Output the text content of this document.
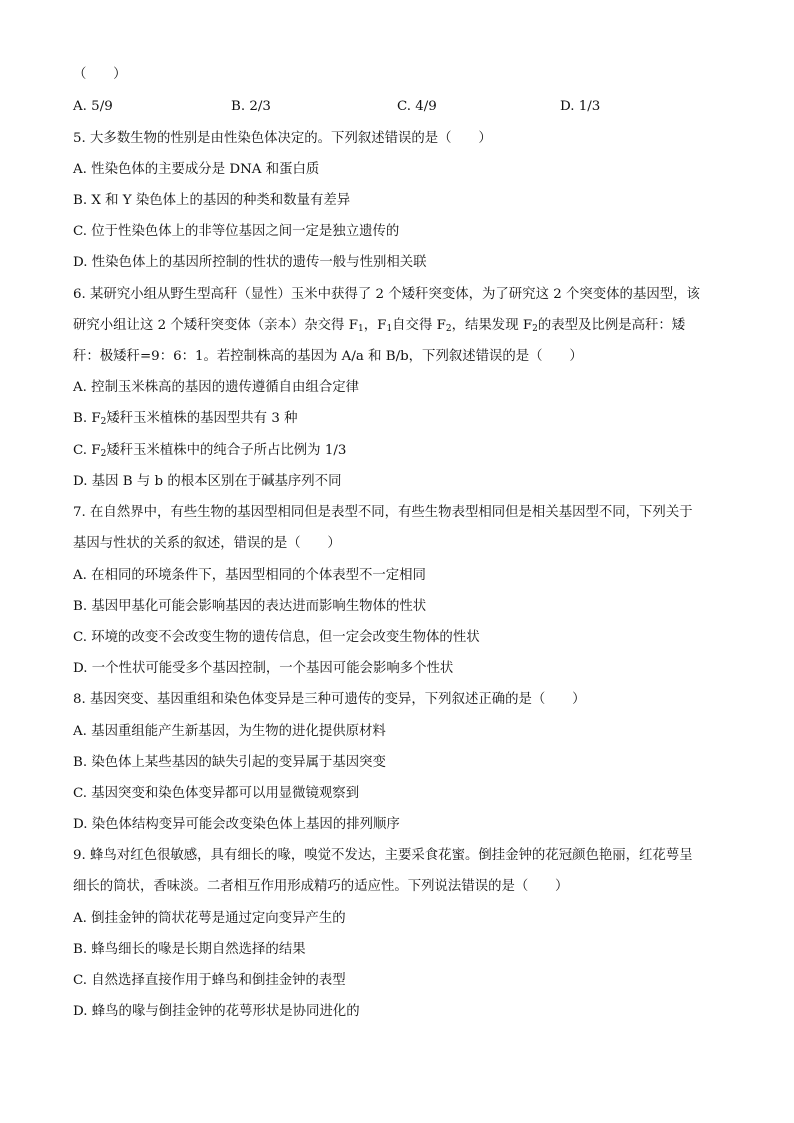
（　　）
A. 5/9	B. 2/3	C. 4/9	D. 1/3
5. 大多数生物的性别是由性染色体决定的。下列叙述错误的是（　　）
A. 性染色体的主要成分是 DNA 和蛋白质
B. X 和 Y 染色体上的基因的种类和数量有差异
C. 位于性染色体上的非等位基因之间一定是独立遗传的
D. 性染色体上的基因所控制的性状的遗传一般与性别相关联
6. 某研究小组从野生型高秆（显性）玉米中获得了 2 个矮秆突变体，为了研究这 2 个突变体的基因型，该
研究小组让这 2 个矮秆突变体（亲本）杂交得 $F_1$，$F_1$自交得 $F_2$，结果发现 $F_2$的表型及比例是高秆：矮
秆：极矮秆=9：6：1。若控制株高的基因为 A/a 和 B/b，下列叙述错误的是（　　）
A. 控制玉米株高的基因的遗传遵循自由组合定律
B. $F_2$矮秆玉米植株的基因型共有 3 种
C. $F_2$矮秆玉米植株中的纯合子所占比例为 1/3
D. 基因 B 与 b 的根本区别在于碱基序列不同
7. 在自然界中，有些生物的基因型相同但是表型不同，有些生物表型相同但是相关基因型不同，下列关于
基因与性状的关系的叙述，错误的是（　　）
A. 在相同的环境条件下，基因型相同的个体表型不一定相同
B. 基因甲基化可能会影响基因的表达进而影响生物体的性状
C. 环境的改变不会改变生物的遗传信息，但一定会改变生物体的性状
D. 一个性状可能受多个基因控制，一个基因可能会影响多个性状
8. 基因突变、基因重组和染色体变异是三种可遗传的变异，下列叙述正确的是（　　）
A. 基因重组能产生新基因，为生物的进化提供原材料
B. 染色体上某些基因的缺失引起的变异属于基因突变
C. 基因突变和染色体变异都可以用显微镜观察到
D. 染色体结构变异可能会改变染色体上基因的排列顺序
9. 蜂鸟对红色很敏感，具有细长的喙，嗅觉不发达，主要采食花蜜。倒挂金钟的花冠颜色艳丽，红花萼呈
细长的筒状，香味淡。二者相互作用形成精巧的适应性。下列说法错误的是（　　）
A. 倒挂金钟的筒状花萼是通过定向变异产生的
B. 蜂鸟细长的喙是长期自然选择的结果
C. 自然选择直接作用于蜂鸟和倒挂金钟的表型
D. 蜂鸟的喙与倒挂金钟的花萼形状是协同进化的
